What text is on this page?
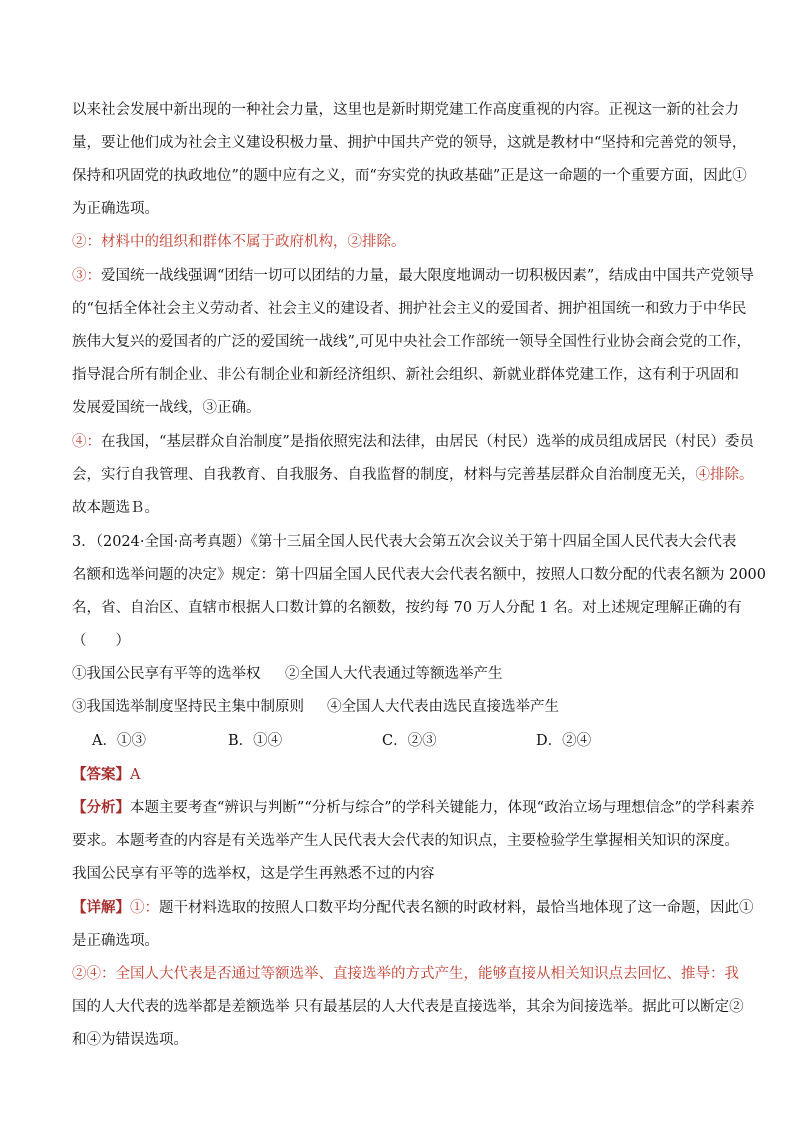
以来社会发展中新出现的一种社会力量，这里也是新时期党建工作高度重视的内容。正视这一新的社会力
量，要让他们成为社会主义建设积极力量、拥护中国共产党的领导，这就是教材中“坚持和完善党的领导，
保持和巩固党的执政地位”的题中应有之义，而“夯实党的执政基础”正是这一命题的一个重要方面，因此①
为正确选项。
②：材料中的组织和群体不属于政府机构，②排除。
③：爱国统一战线强调“团结一切可以团结的力量，最大限度地调动一切积极因素”，结成由中国共产党领导
的“包括全体社会主义劳动者、社会主义的建设者、拥护社会主义的爱国者、拥护祖国统一和致力于中华民
族伟大复兴的爱国者的广泛的爱国统一战线”,可见中央社会工作部统一领导全国性行业协会商会党的工作，
指导混合所有制企业、非公有制企业和新经济组织、新社会组织、新就业群体党建工作，这有利于巩固和
发展爱国统一战线，③正确。
④：在我国，“基层群众自治制度”是指依照宪法和法律，由居民（村民）选举的成员组成居民（村民）委员
会，实行自我管理、自我教育、自我服务、自我监督的制度，材料与完善基层群众自治制度无关，④排除。
故本题选Ｂ。
3．（2024·全国·高考真题）《第十三届全国人民代表大会第五次会议关于第十四届全国人民代表大会代表
名额和选举问题的决定》规定：第十四届全国人民代表大会代表名额中，按照人口数分配的代表名额为 2000
名，省、自治区、直辖市根据人口数计算的名额数，按约每 70 万人分配 1 名。对上述规定理解正确的有
（　　）
①我国公民享有平等的选举权 ②全国人大代表通过等额选举产生
③我国选举制度坚持民主集中制原则 ④全国人大代表由选民直接选举产生
A．①③	B．①④	C．②③	D．②④
【答案】A
【分析】本题主要考查“辨识与判断”“分析与综合”的学科关键能力，体现“政治立场与理想信念”的学科素养
要求。本题考查的内容是有关选举产生人民代表大会代表的知识点，主要检验学生掌握相关知识的深度。
我国公民享有平等的选举权，这是学生再熟悉不过的内容
【详解】①：题干材料选取的按照人口数平均分配代表名额的时政材料，最恰当地体现了这一命题，因此①
是正确选项。
②④：全国人大代表是否通过等额选举、直接选举的方式产生，能够直接从相关知识点去回忆、推导：我
国的人大代表的选举都是差额选举 只有最基层的人大代表是直接选举，其余为间接选举。据此可以断定②
和④为错误选项。
